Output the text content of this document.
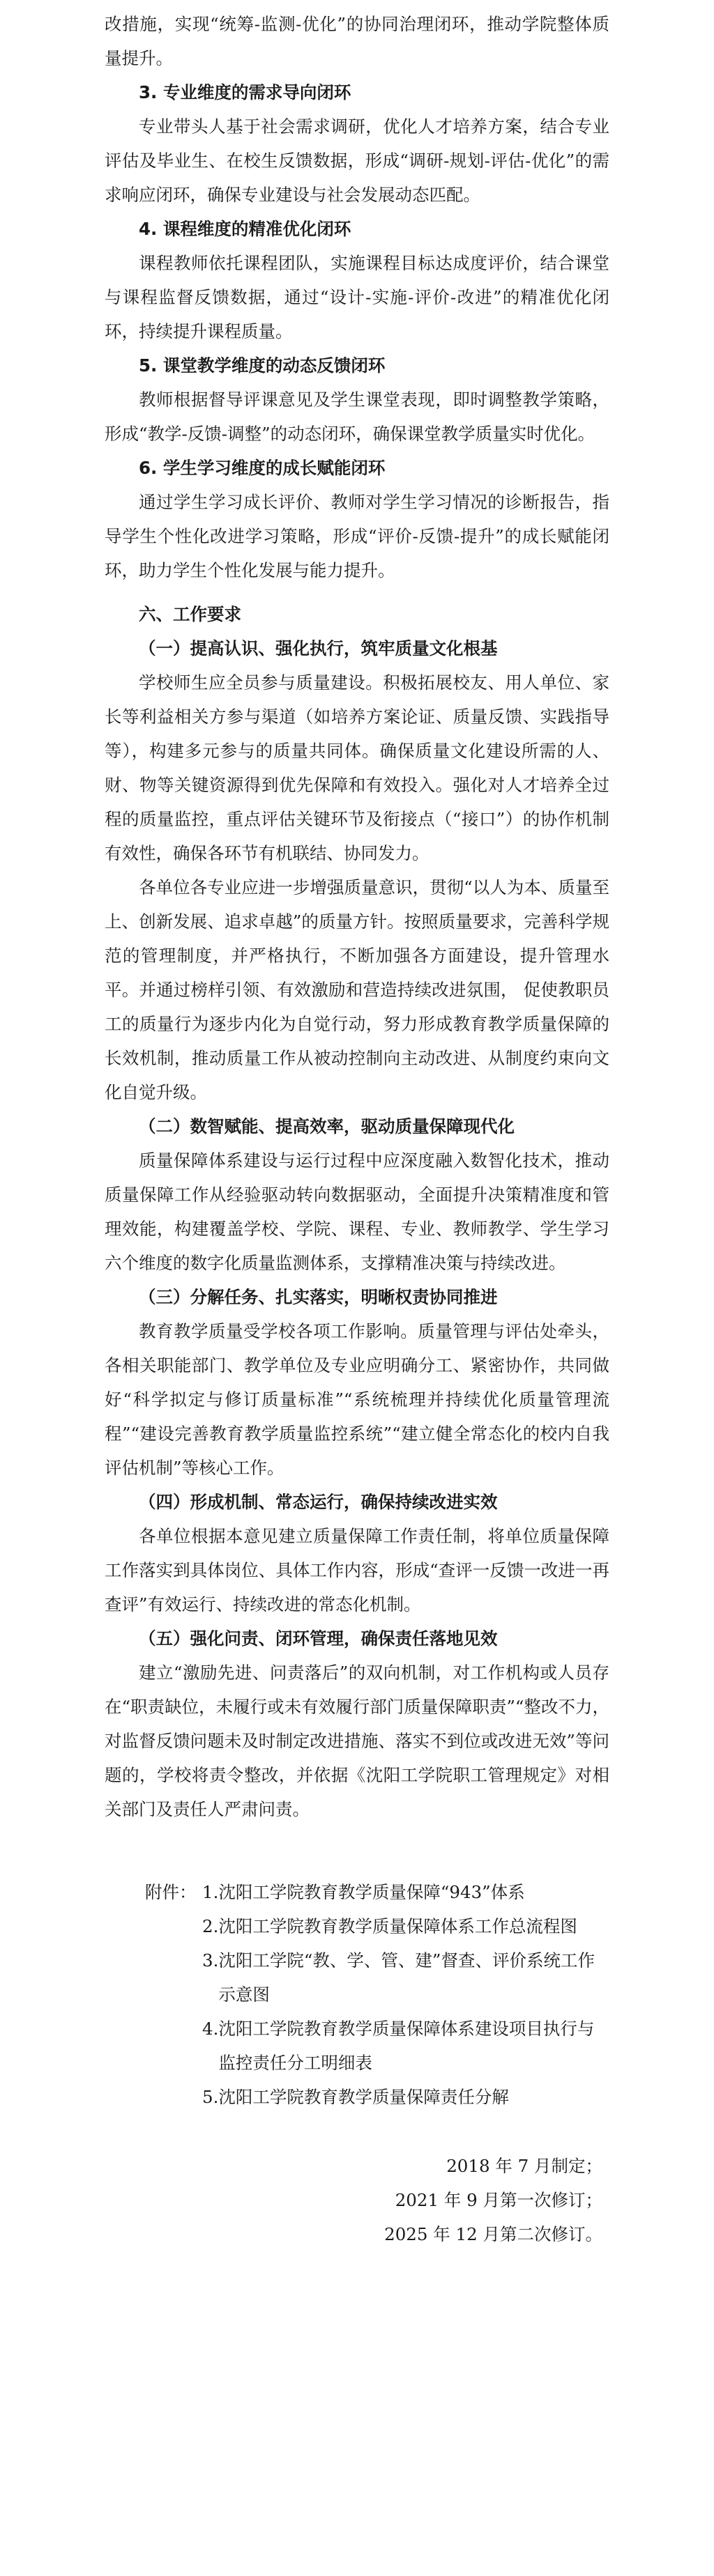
改措施，实现“统筹-监测-优化”的协同治理闭环，推动学院整体质量提升。

3. 专业维度的需求导向闭环

专业带头人基于社会需求调研，优化人才培养方案，结合专业评估及毕业生、在校生反馈数据，形成“调研-规划-评估-优化”的需求响应闭环，确保专业建设与社会发展动态匹配。

4. 课程维度的精准优化闭环

课程教师依托课程团队，实施课程目标达成度评价，结合课堂与课程监督反馈数据，通过“设计-实施-评价-改进”的精准优化闭环，持续提升课程质量。

5. 课堂教学维度的动态反馈闭环

教师根据督导评课意见及学生课堂表现，即时调整教学策略，形成“教学-反馈-调整”的动态闭环，确保课堂教学质量实时优化。

6. 学生学习维度的成长赋能闭环

通过学生学习成长评价、教师对学生学习情况的诊断报告，指导学生个性化改进学习策略，形成“评价-反馈-提升”的成长赋能闭环，助力学生个性化发展与能力提升。

六、工作要求

（一）提高认识、强化执行，筑牢质量文化根基

学校师生应全员参与质量建设。积极拓展校友、用人单位、家长等利益相关方参与渠道（如培养方案论证、质量反馈、实践指导等），构建多元参与的质量共同体。确保质量文化建设所需的人、财、物等关键资源得到优先保障和有效投入。强化对人才培养全过程的质量监控，重点评估关键环节及衔接点（“接口”）的协作机制有效性，确保各环节有机联结、协同发力。

各单位各专业应进一步增强质量意识，贯彻“以人为本、质量至上、创新发展、追求卓越”的质量方针。按照质量要求，完善科学规范的管理制度，并严格执行，不断加强各方面建设，提升管理水平。并通过榜样引领、有效激励和营造持续改进氛围， 促使教职员工的质量行为逐步内化为自觉行动，努力形成教育教学质量保障的长效机制，推动质量工作从被动控制向主动改进、从制度约束向文化自觉升级。

（二）数智赋能、提高效率，驱动质量保障现代化

质量保障体系建设与运行过程中应深度融入数智化技术，推动质量保障工作从经验驱动转向数据驱动，全面提升决策精准度和管理效能，构建覆盖学校、学院、课程、专业、教师教学、学生学习六个维度的数字化质量监测体系，支撑精准决策与持续改进。

（三）分解任务、扎实落实，明晰权责协同推进

教育教学质量受学校各项工作影响。质量管理与评估处牵头，各相关职能部门、教学单位及专业应明确分工、紧密协作，共同做好“科学拟定与修订质量标准”“系统梳理并持续优化质量管理流程”“建设完善教育教学质量监控系统”“建立健全常态化的校内自我评估机制”等核心工作。

（四）形成机制、常态运行，确保持续改进实效

各单位根据本意见建立质量保障工作责任制，将单位质量保障工作落实到具体岗位、具体工作内容，形成“查评一反馈一改进一再查评”有效运行、持续改进的常态化机制。

（五）强化问责、闭环管理，确保责任落地见效

建立“激励先进、问责落后”的双向机制，对工作机构或人员存在“职责缺位，未履行或未有效履行部门质量保障职责”“整改不力，对监督反馈问题未及时制定改进措施、落实不到位或改进无效”等问题的，学校将责令整改，并依据《沈阳工学院职工管理规定》对相关部门及责任人严肃问责。

附件： 1. 沈阳工学院教育教学质量保障“943”体系
2. 沈阳工学院教育教学质量保障体系工作总流程图
3. 沈阳工学院“教、学、管、建”督查、评价系统工作示意图
4. 沈阳工学院教育教学质量保障体系建设项目执行与监控责任分工明细表
5. 沈阳工学院教育教学质量保障责任分解
2018 年 7 月制定；
2021 年 9 月第一次修订；
2025 年 12 月第二次修订。
